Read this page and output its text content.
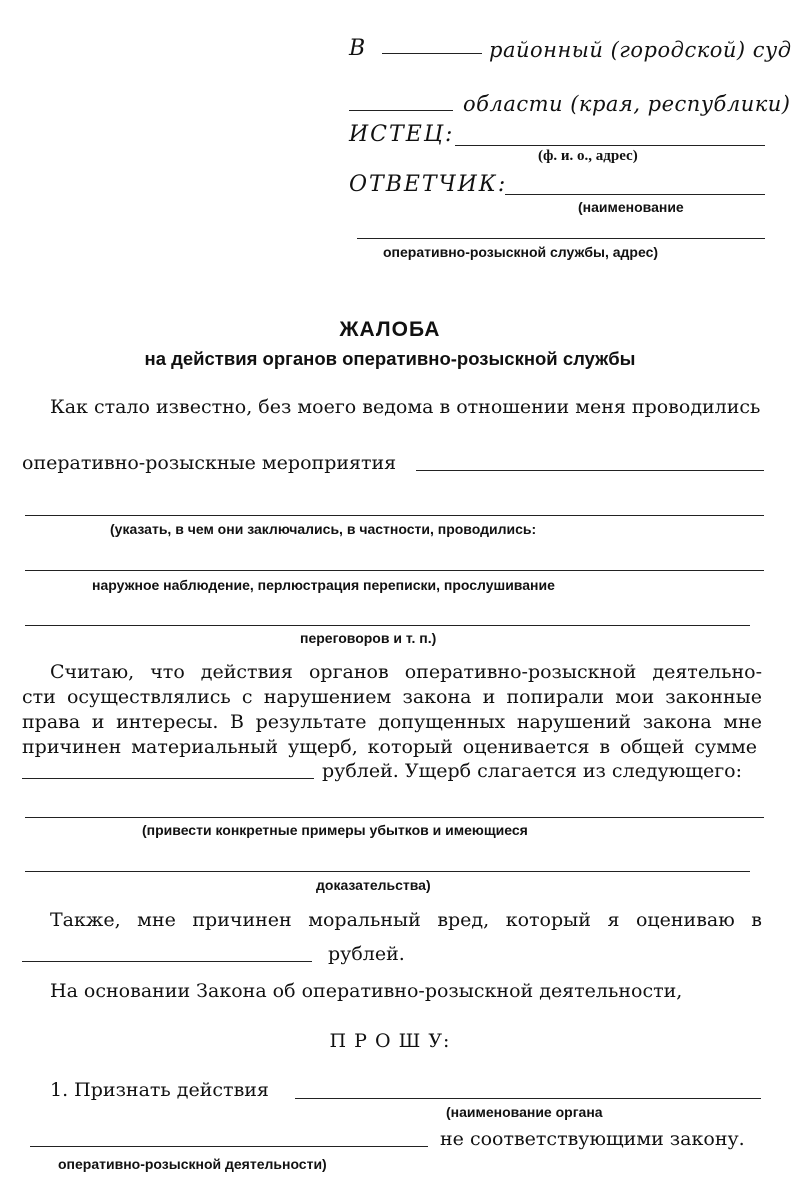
В	районный (городской) суд
области (края, республики)
ИСТЕЦ:
(ф. и. о., адрес)
ОТВЕТЧИК:
(наименование
оперативно-розыскной службы, адрес)
ЖАЛОБА
на действия органов оперативно-розыскной службы
Как стало известно, без моего ведома в отношении меня проводились
оперативно-розыскные мероприятия
(указать, в чем они заключались, в частности, проводились:
наружное наблюдение, перлюстрация переписки, прослушивание
переговоров и т. п.)
Считаю, что действия органов оперативно-розыскной деятельно-
сти осуществлялись с нарушением закона и попирали мои законные
права и интересы. В результате допущенных нарушений закона мне
причинен материальный ущерб, который оценивается в общей сумме
рублей. Ущерб слагается из следующего:
(привести конкретные примеры убытков и имеющиеся
доказательства)
Также, мне причинен моральный вред, который я оцениваю в
рублей.
На основании Закона об оперативно-розыскной деятельности,
П Р О Ш У:
1. Признать действия
(наименование органа
не соответствующими закону.
оперативно-розыскной деятельности)
